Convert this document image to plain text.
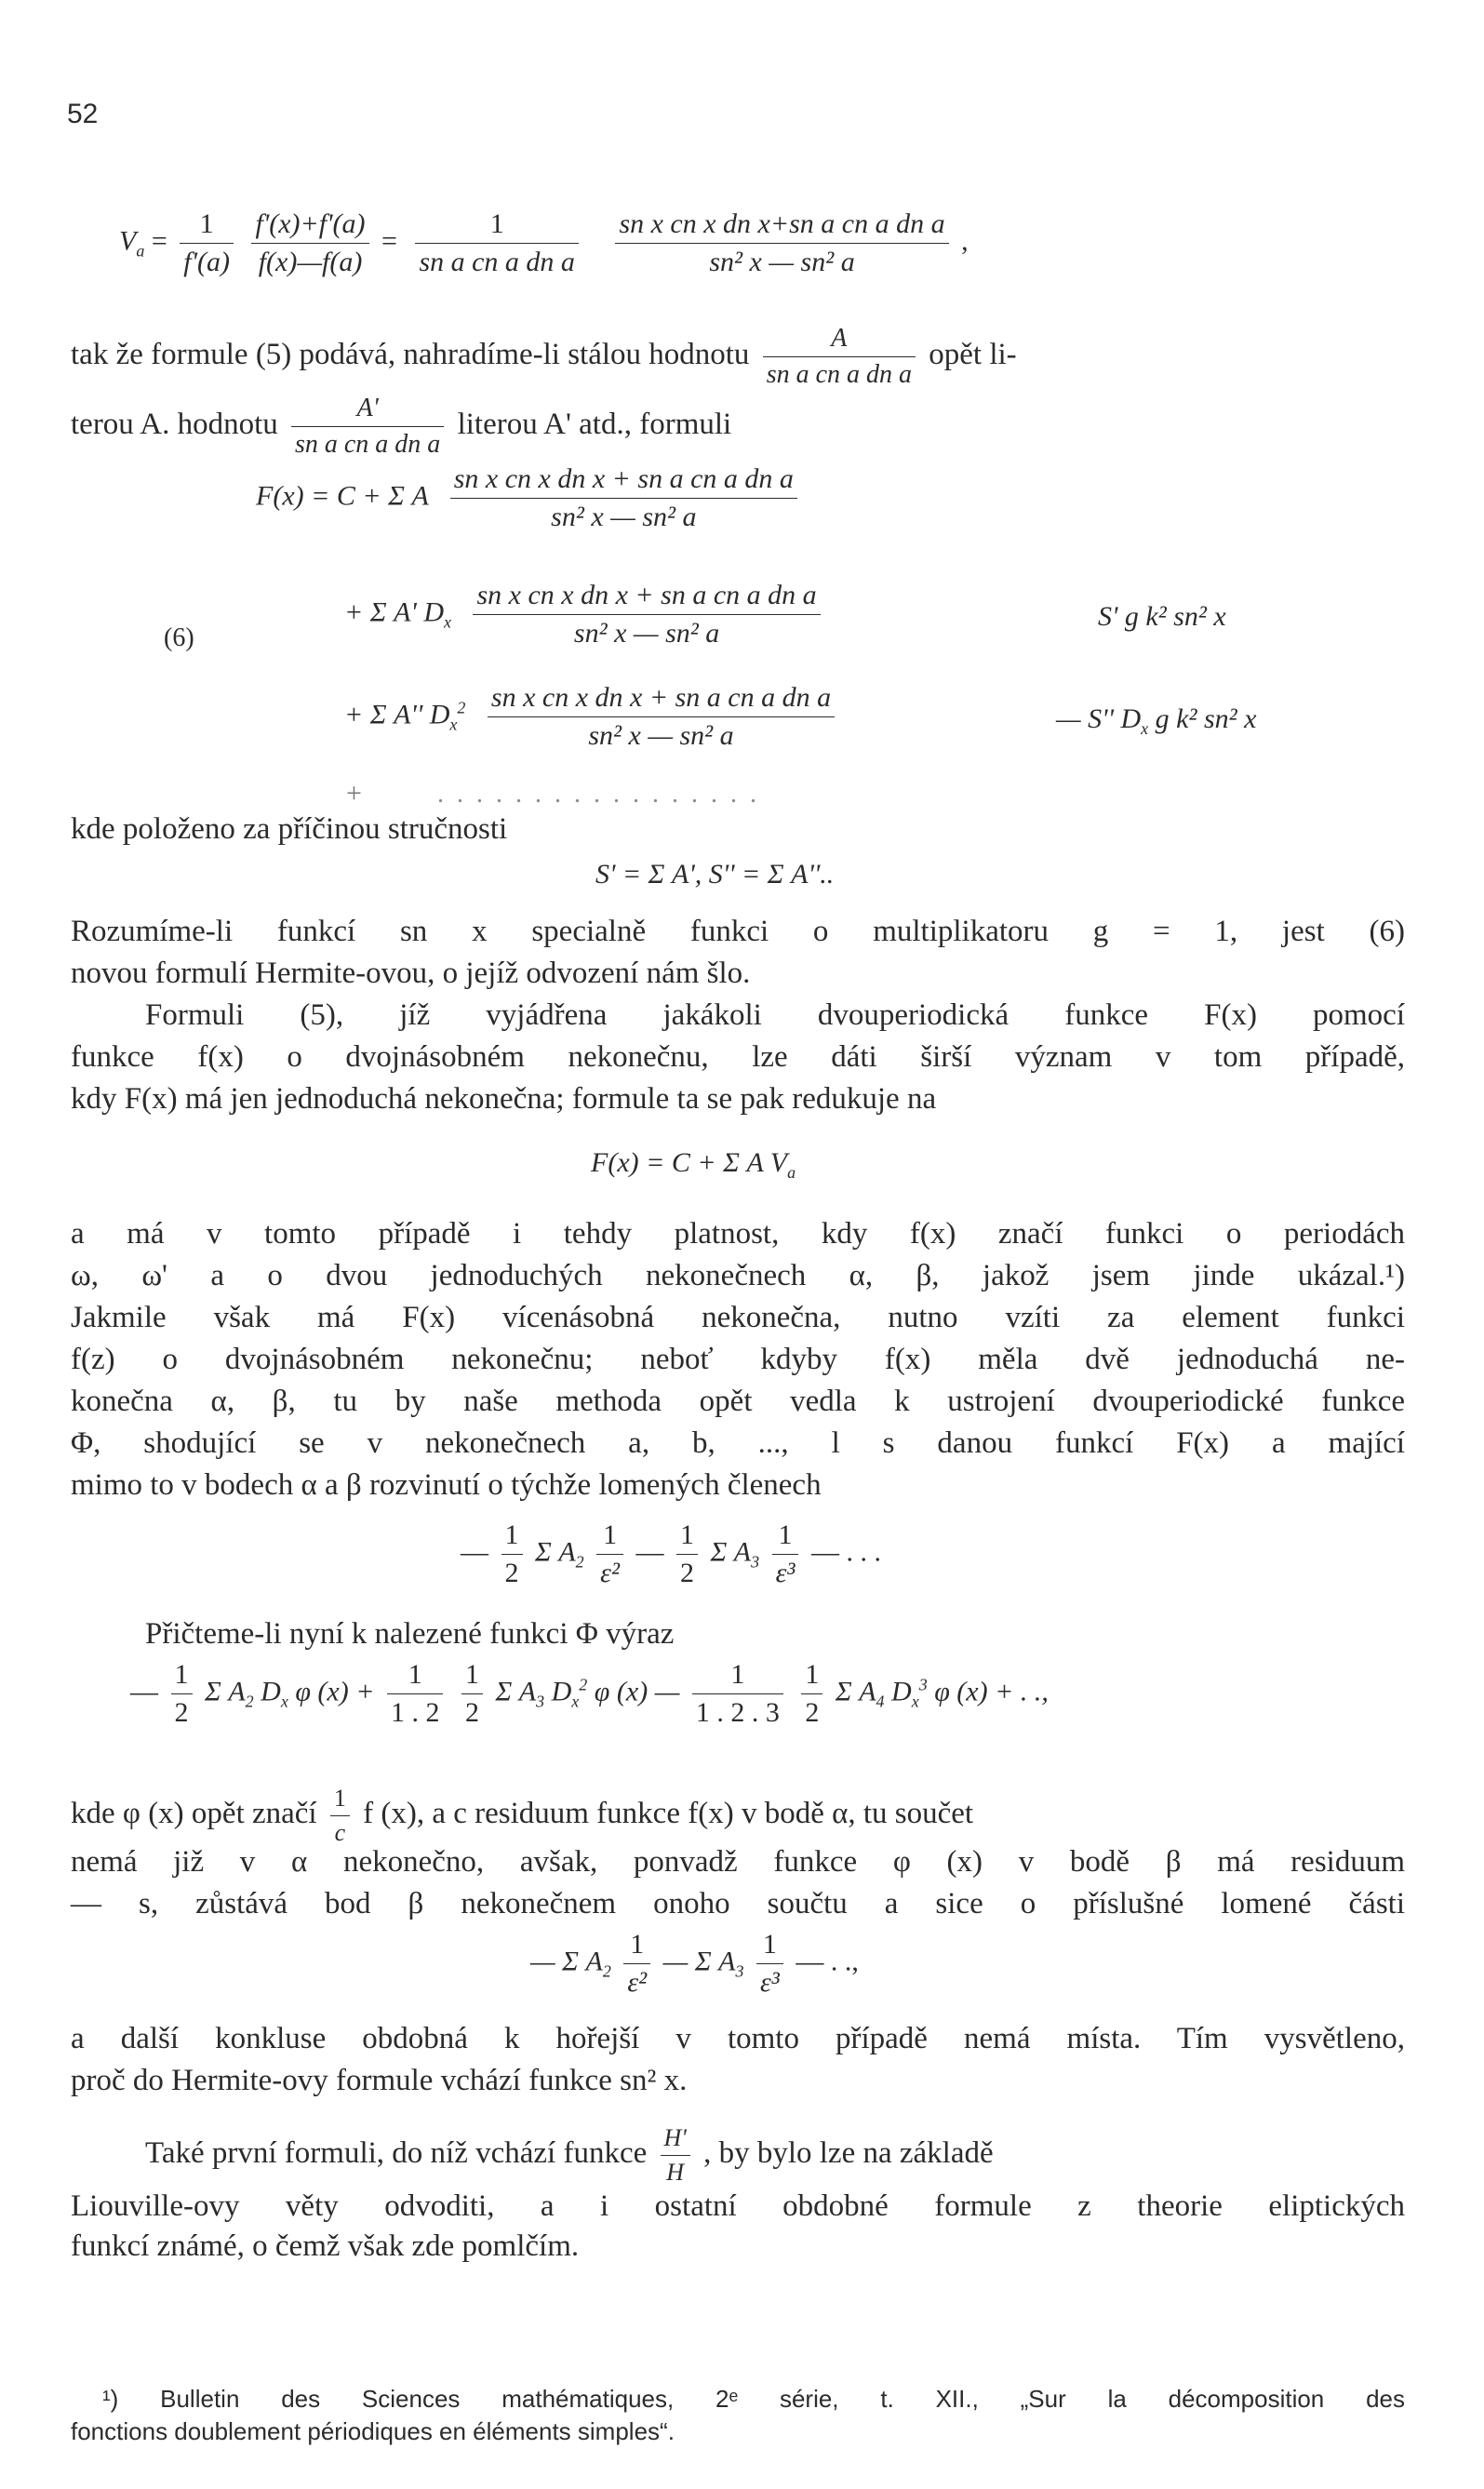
52
$V_a = \frac{1}{f'(a)}$
$\frac{f'(x)+f'(a)}{f(x)—f(a)} = \frac{1}{\text{sn a cn a dn a}}$
$\frac{\text{sn x cn x dn x+sn a cn a dn a}}{\text{sn² x — sn² a}}$ ,
tak že formule (5) podává, nahradíme-li stálou hodnotu $\frac{A}{\text{sn a cn a dn a}}$ opět li-
terou A. hodnotu $\frac{A'}{\text{sn a cn a dn a}}$ literou A' atd., formuli
F(x) = C + Σ A $\frac{\text{sn x cn x dn x + sn a cn a dn a}}{\text{sn² x — sn² a}}$
(6)
+ Σ A' $D_x \frac{\text{sn x cn x dn x + sn a cn a dn a}}{\text{sn² x — sn² a}}$	S' g k² sn² x
+ Σ A'' $D_x^2 \frac{\text{sn x cn x dn x + sn a cn a dn a}}{\text{sn² x — sn² a}}$	— S'' $D_x$ g k² sn² x
+	.................
kde položeno za příčinou stručnosti
S' = Σ A', S'' = Σ A''..
Rozumíme-li funkcí sn x specialně funkci o multiplikatoru g = 1, jest (6)
novou formulí Hermite-ovou, o jejíž odvození nám šlo.
Formuli (5), jíž vyjádřena jakákoli dvouperiodická funkce F(x) pomocí
funkce f(x) o dvojnásobném nekonečnu, lze dáti širší význam v tom případě,
kdy F(x) má jen jednoduchá nekonečna; formule ta se pak redukuje na
F(x) = C + Σ A $V_a$
a má v tomto případě i tehdy platnost, kdy f(x) značí funkci o periodách
ω, ω' a o dvou jednoduchých nekonečnech α, β, jakož jsem jinde ukázal.¹)
Jakmile však má F(x) vícenásobná nekonečna, nutno vzíti za element funkci
f(z) o dvojnásobném nekonečnu; neboť kdyby f(x) měla dvě jednoduchá ne-
konečna α, β, tu by naše methoda opět vedla k ustrojení dvouperiodické funkce
Φ, shodující se v nekonečnech a, b, ..., l s danou funkcí F(x) a mající
mimo to v bodech α a β rozvinutí o týchže lomených členech
— $\frac{1}{2}$ Σ $A_2 \frac{1}{\text{ε²}}$ — $\frac{1}{2}$ Σ $A_3 \frac{1}{\text{ε³}}$ — . . .
Přičteme-li nyní k nalezené funkci Φ výraz
— $\frac{1}{2}$ Σ $A_2$ $D_x$ φ $(x) + \frac{1}{1 . 2}$
$\frac{1}{2}$ Σ $A_3$ $D_x^2$ φ (x) — $\frac{1}{1 . 2 . 3}$
$\frac{1}{2}$ Σ $A_4$ $D_x^3$ φ (x) + . .,
kde φ (x) opět značí $\frac{1}{c}$ f (x), a c residuum funkce f(x) v bodě α, tu součet
nemá již v α nekonečno, avšak, ponvadž funkce φ (x) v bodě β má residuum
— s, zůstává bod β nekonečnem onoho součtu a sice o příslušné lomené části
— Σ $A_2 \frac{1}{\text{ε²}}$ — Σ $A_3 \frac{1}{\text{ε³}}$ — . .,
a další konkluse obdobná k hořejší v tomto případě nemá místa. Tím vysvětleno,
proč do Hermite-ovy formule vchází funkce sn² x.
Také první formuli, do níž vchází funkce $\frac{H'}{H}$ , by bylo lze na základě
Liouville-ovy věty odvoditi, a i ostatní obdobné formule z theorie eliptických
funkcí známé, o čemž však zde pomlčím.
¹) Bulletin des Sciences mathématiques, 2ᵉ série, t. XII., „Sur la décomposition des
fonctions doublement périodiques en éléments simples“.
